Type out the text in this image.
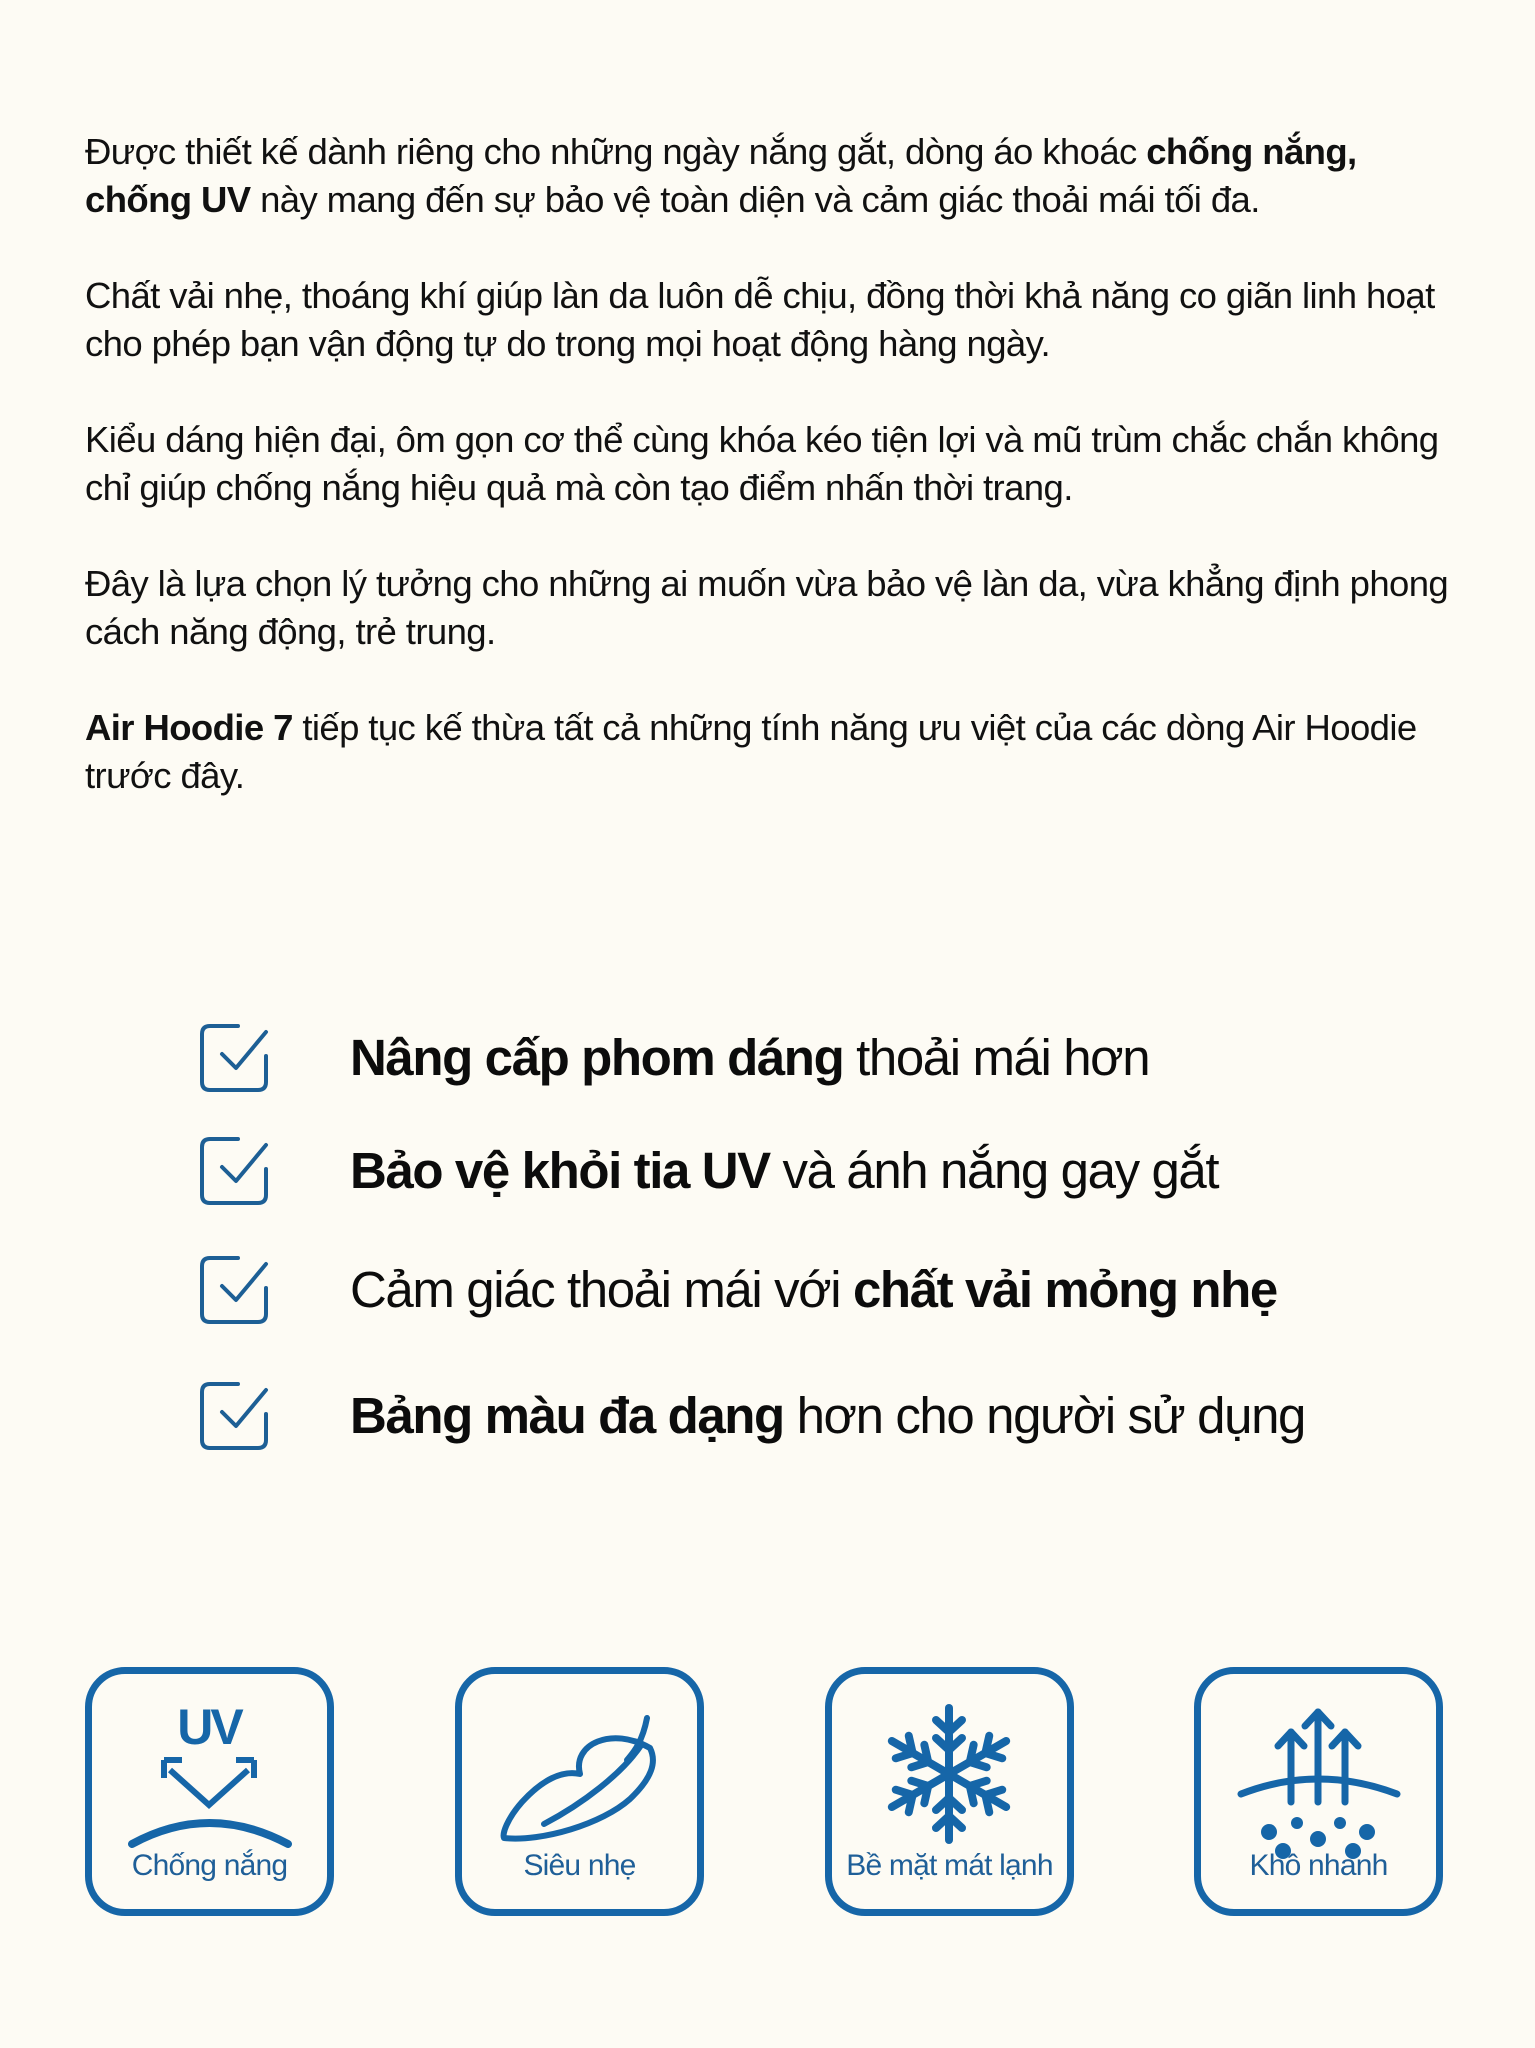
Được thiết kế dành riêng cho những ngày nắng gắt, dòng áo khoác chống nắng, chống UV này mang đến sự bảo vệ toàn diện và cảm giác thoải mái tối đa.

Chất vải nhẹ, thoáng khí giúp làn da luôn dễ chịu, đồng thời khả năng co giãn linh hoạt cho phép bạn vận động tự do trong mọi hoạt động hàng ngày.

Kiểu dáng hiện đại, ôm gọn cơ thể cùng khóa kéo tiện lợi và mũ trùm chắc chắn không chỉ giúp chống nắng hiệu quả mà còn tạo điểm nhấn thời trang.

Đây là lựa chọn lý tưởng cho những ai muốn vừa bảo vệ làn da, vừa khẳng định phong cách năng động, trẻ trung.

Air Hoodie 7 tiếp tục kế thừa tất cả những tính năng ưu việt của các dòng Air Hoodie trước đây.

Nâng cấp phom dáng thoải mái hơn
Bảo vệ khỏi tia UV và ánh nắng gay gắt
Cảm giác thoải mái với chất vải mỏng nhẹ
Bảng màu đa dạng hơn cho người sử dụng
UV
Chống nắng	Siêu nhẹ	Bề mặt mát lạnh	Khô nhanh
